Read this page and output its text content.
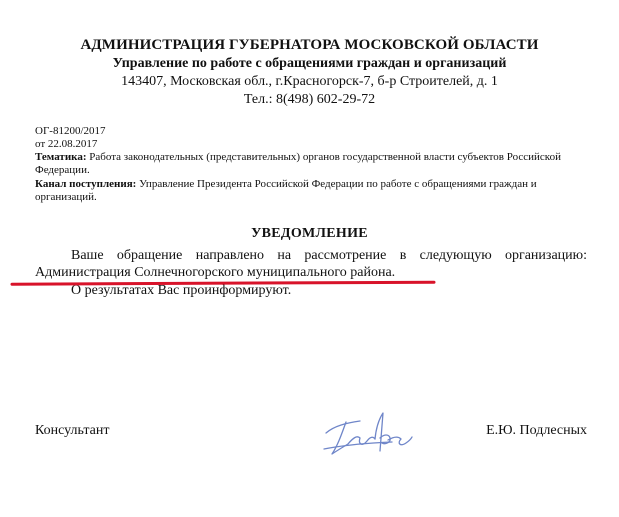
АДМИНИСТРАЦИЯ ГУБЕРНАТОРА МОСКОВСКОЙ ОБЛАСТИ
Управление по работе с обращениями граждан и организаций
143407, Московская обл., г.Красногорск-7, б-р Строителей, д. 1
Тел.: 8(498) 602-29-72
ОГ-81200/2017
от 22.08.2017
Тематика: Работа законодательных (представительных) органов государственной власти субъектов Российской Федерации.
Канал поступления: Управление Президента Российской Федерации по работе с обращениями граждан и организаций.
УВЕДОМЛЕНИЕ
Ваше обращение направлено на рассмотрение в следующую организацию: Администрация Солнечногорского муниципального района.
О результатах Вас проинформируют.
Консультант	Е.Ю. Подлесных
